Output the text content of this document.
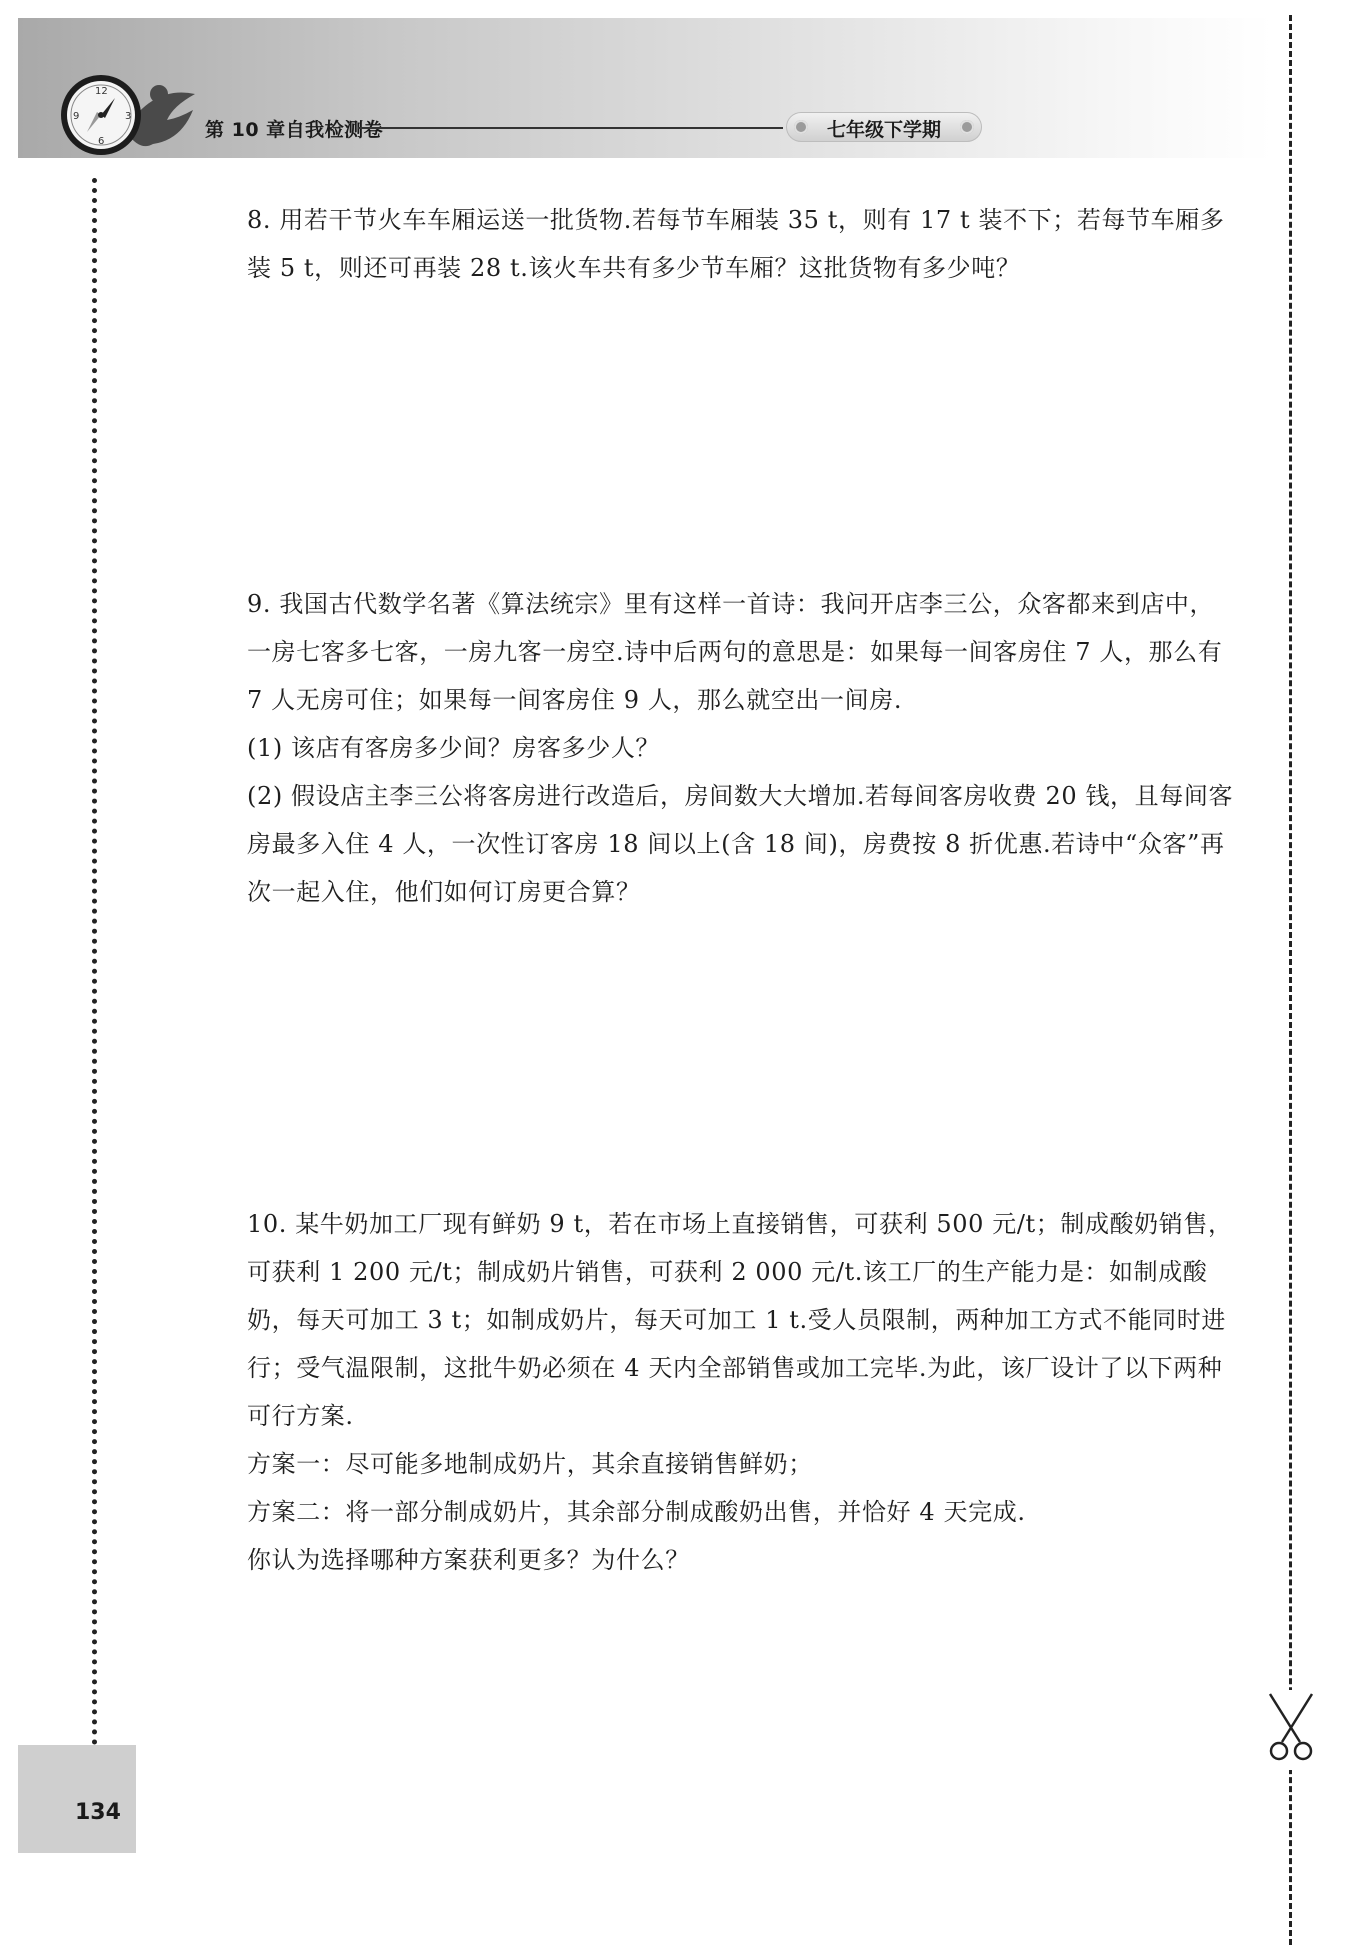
12
3
6
9
第 10 章自我检测卷	七年级下学期

8. 用若干节火车车厢运送一批货物.若每节车厢装 35 t，则有 17 t 装不下；若每节车厢多装 5 t，则还可再装 28 t.该火车共有多少节车厢？这批货物有多少吨？

9. 我国古代数学名著《算法统宗》里有这样一首诗：我问开店李三公，众客都来到店中，一房七客多七客，一房九客一房空.诗中后两句的意思是：如果每一间客房住 7 人，那么有 7 人无房可住；如果每一间客房住 9 人，那么就空出一间房.

(1) 该店有客房多少间？房客多少人？

(2) 假设店主李三公将客房进行改造后，房间数大大增加.若每间客房收费 20 钱，且每间客房最多入住 4 人，一次性订客房 18 间以上(含 18 间)，房费按 8 折优惠.若诗中“众客”再次一起入住，他们如何订房更合算？

10. 某牛奶加工厂现有鲜奶 9 t，若在市场上直接销售，可获利 500 元/t；制成酸奶销售，可获利 1 200 元/t；制成奶片销售，可获利 2 000 元/t.该工厂的生产能力是：如制成酸奶，每天可加工 3 t；如制成奶片，每天可加工 1 t.受人员限制，两种加工方式不能同时进行；受气温限制，这批牛奶必须在 4 天内全部销售或加工完毕.为此，该厂设计了以下两种可行方案.

方案一：尽可能多地制成奶片，其余直接销售鲜奶；

方案二：将一部分制成奶片，其余部分制成酸奶出售，并恰好 4 天完成.

你认为选择哪种方案获利更多？为什么？

134
